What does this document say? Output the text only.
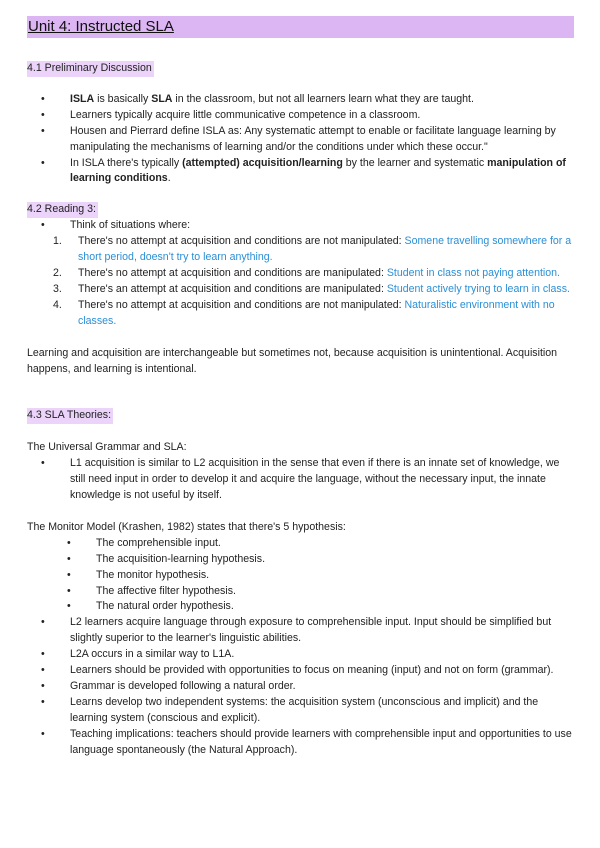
Unit 4: Instructed SLA
4.1 Preliminary Discussion
• ISLA is basically SLA in the classroom, but not all learners learn what they are taught.
• Learners typically acquire little communicative competence in a classroom.
• Housen and Pierrard define ISLA as: Any systematic attempt to enable or facilitate language learning by manipulating the mechanisms of learning and/or the conditions under which these occur."
• In ISLA there's typically (attempted) acquisition/learning by the learner and systematic manipulation of learning conditions.
4.2 Reading 3:
• Think of situations where:
1. There's no attempt at acquisition and conditions are not manipulated: Somene travelling somewhere for a short period, doesn't try to learn anything.
2. There's no attempt at acquisition and conditions are manipulated: Student in class not paying attention.
3. There's an attempt at acquisition and conditions are manipulated: Student actively trying to learn in class.
4. There's no attempt at acquisition and conditions are not manipulated: Naturalistic environment with no classes.

Learning and acquisition are interchangeable but sometimes not, because acquisition is unintentional. Acquisition happens, and learning is intentional.

4.3 SLA Theories:

The Universal Grammar and SLA:

• L1 acquisition is similar to L2 acquisition in the sense that even if there is an innate set of knowledge, we still need input in order to develop it and acquire the language, without the necessary input, the innate knowledge is not useful by itself.

The Monitor Model (Krashen, 1982) states that there's 5 hypothesis:

• The comprehensible input.
• The acquisition-learning hypothesis.
• The monitor hypothesis.
• The affective filter hypothesis.
• The natural order hypothesis.
• L2 learners acquire language through exposure to comprehensible input. Input should be simplified but slightly superior to the learner's linguistic abilities.
• L2A occurs in a similar way to L1A.
• Learners should be provided with opportunities to focus on meaning (input) and not on form (grammar).
• Grammar is developed following a natural order.
• Learns develop two independent systems: the acquisition system (unconscious and implicit) and the learning system (conscious and explicit).
• Teaching implications: teachers should provide learners with comprehensible input and opportunities to use language spontaneously (the Natural Approach).
